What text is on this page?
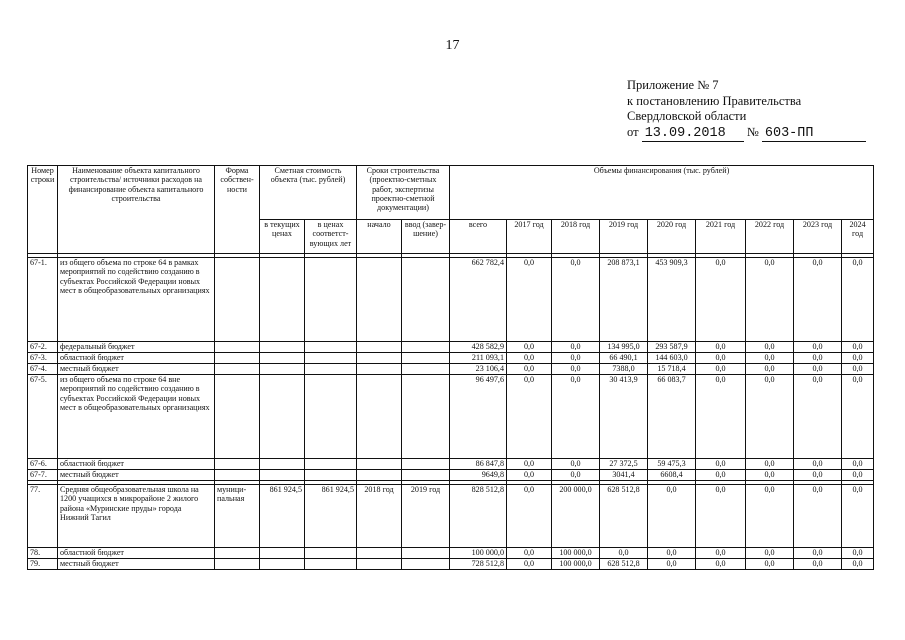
17
Приложение № 7
к постановлению Правительства
Свердловской области
от 13.09.2018 № 603-ПП
Номер строки	Наименование объекта капитального строительства/ источники расходов на финансирование объекта капитального строительства	Форма собствен-ности	Сметная стоимость объекта (тыс. рублей)		Сроки строительства (проектно-сметных работ, экспертизы проектно-сметной документации)		Объемы финансирования (тыс. рублей)								
			в текущих ценах	в ценах соответст-вующих лет	начало	ввод (завер-шение)	всего	2017 год	2018 год	2019 год	2020 год	2021 год	2022 год	2023 год	2024 год

67-1.	из общего объема по строке 64 в рамках мероприятий по содействию созданию в субъектах Российской Федерации новых мест в общеобразовательных организациях						662 782,4	0,0	0,0	208 873,1	453 909,3	0,0	0,0	0,0	0,0
67-2.	федеральный бюджет						428 582,9	0,0	0,0	134 995,0	293 587,9	0,0	0,0	0,0	0,0
67-3.	областной бюджет						211 093,1	0,0	0,0	66 490,1	144 603,0	0,0	0,0	0,0	0,0
67-4.	местный бюджет						23 106,4	0,0	0,0	7388,0	15 718,4	0,0	0,0	0,0	0,0
67-5.	из общего объема по строке 64 вне мероприятий по содействию созданию в субъектах Российской Федерации новых мест в общеобразовательных организациях						96 497,6	0,0	0,0	30 413,9	66 083,7	0,0	0,0	0,0	0,0
67-6.	областной бюджет						86 847,8	0,0	0,0	27 372,5	59 475,3	0,0	0,0	0,0	0,0
67-7.	местный бюджет						9649,8	0,0	0,0	3041,4	6608,4	0,0	0,0	0,0	0,0

77.	Средняя общеобразовательная школа на 1200 учащихся в микрорайоне 2 жилого района «Муринские пруды» города Нижний Тагил	муници-пальная	861 924,5	861 924,5	2018 год	2019 год	828 512,8	0,0	200 000,0	628 512,8	0,0	0,0	0,0	0,0	0,0
78.	областной бюджет						100 000,0	0,0	100 000,0	0,0	0,0	0,0	0,0	0,0	0,0
79.	местный бюджет						728 512,8	0,0	100 000,0	628 512,8	0,0	0,0	0,0	0,0	0,0
